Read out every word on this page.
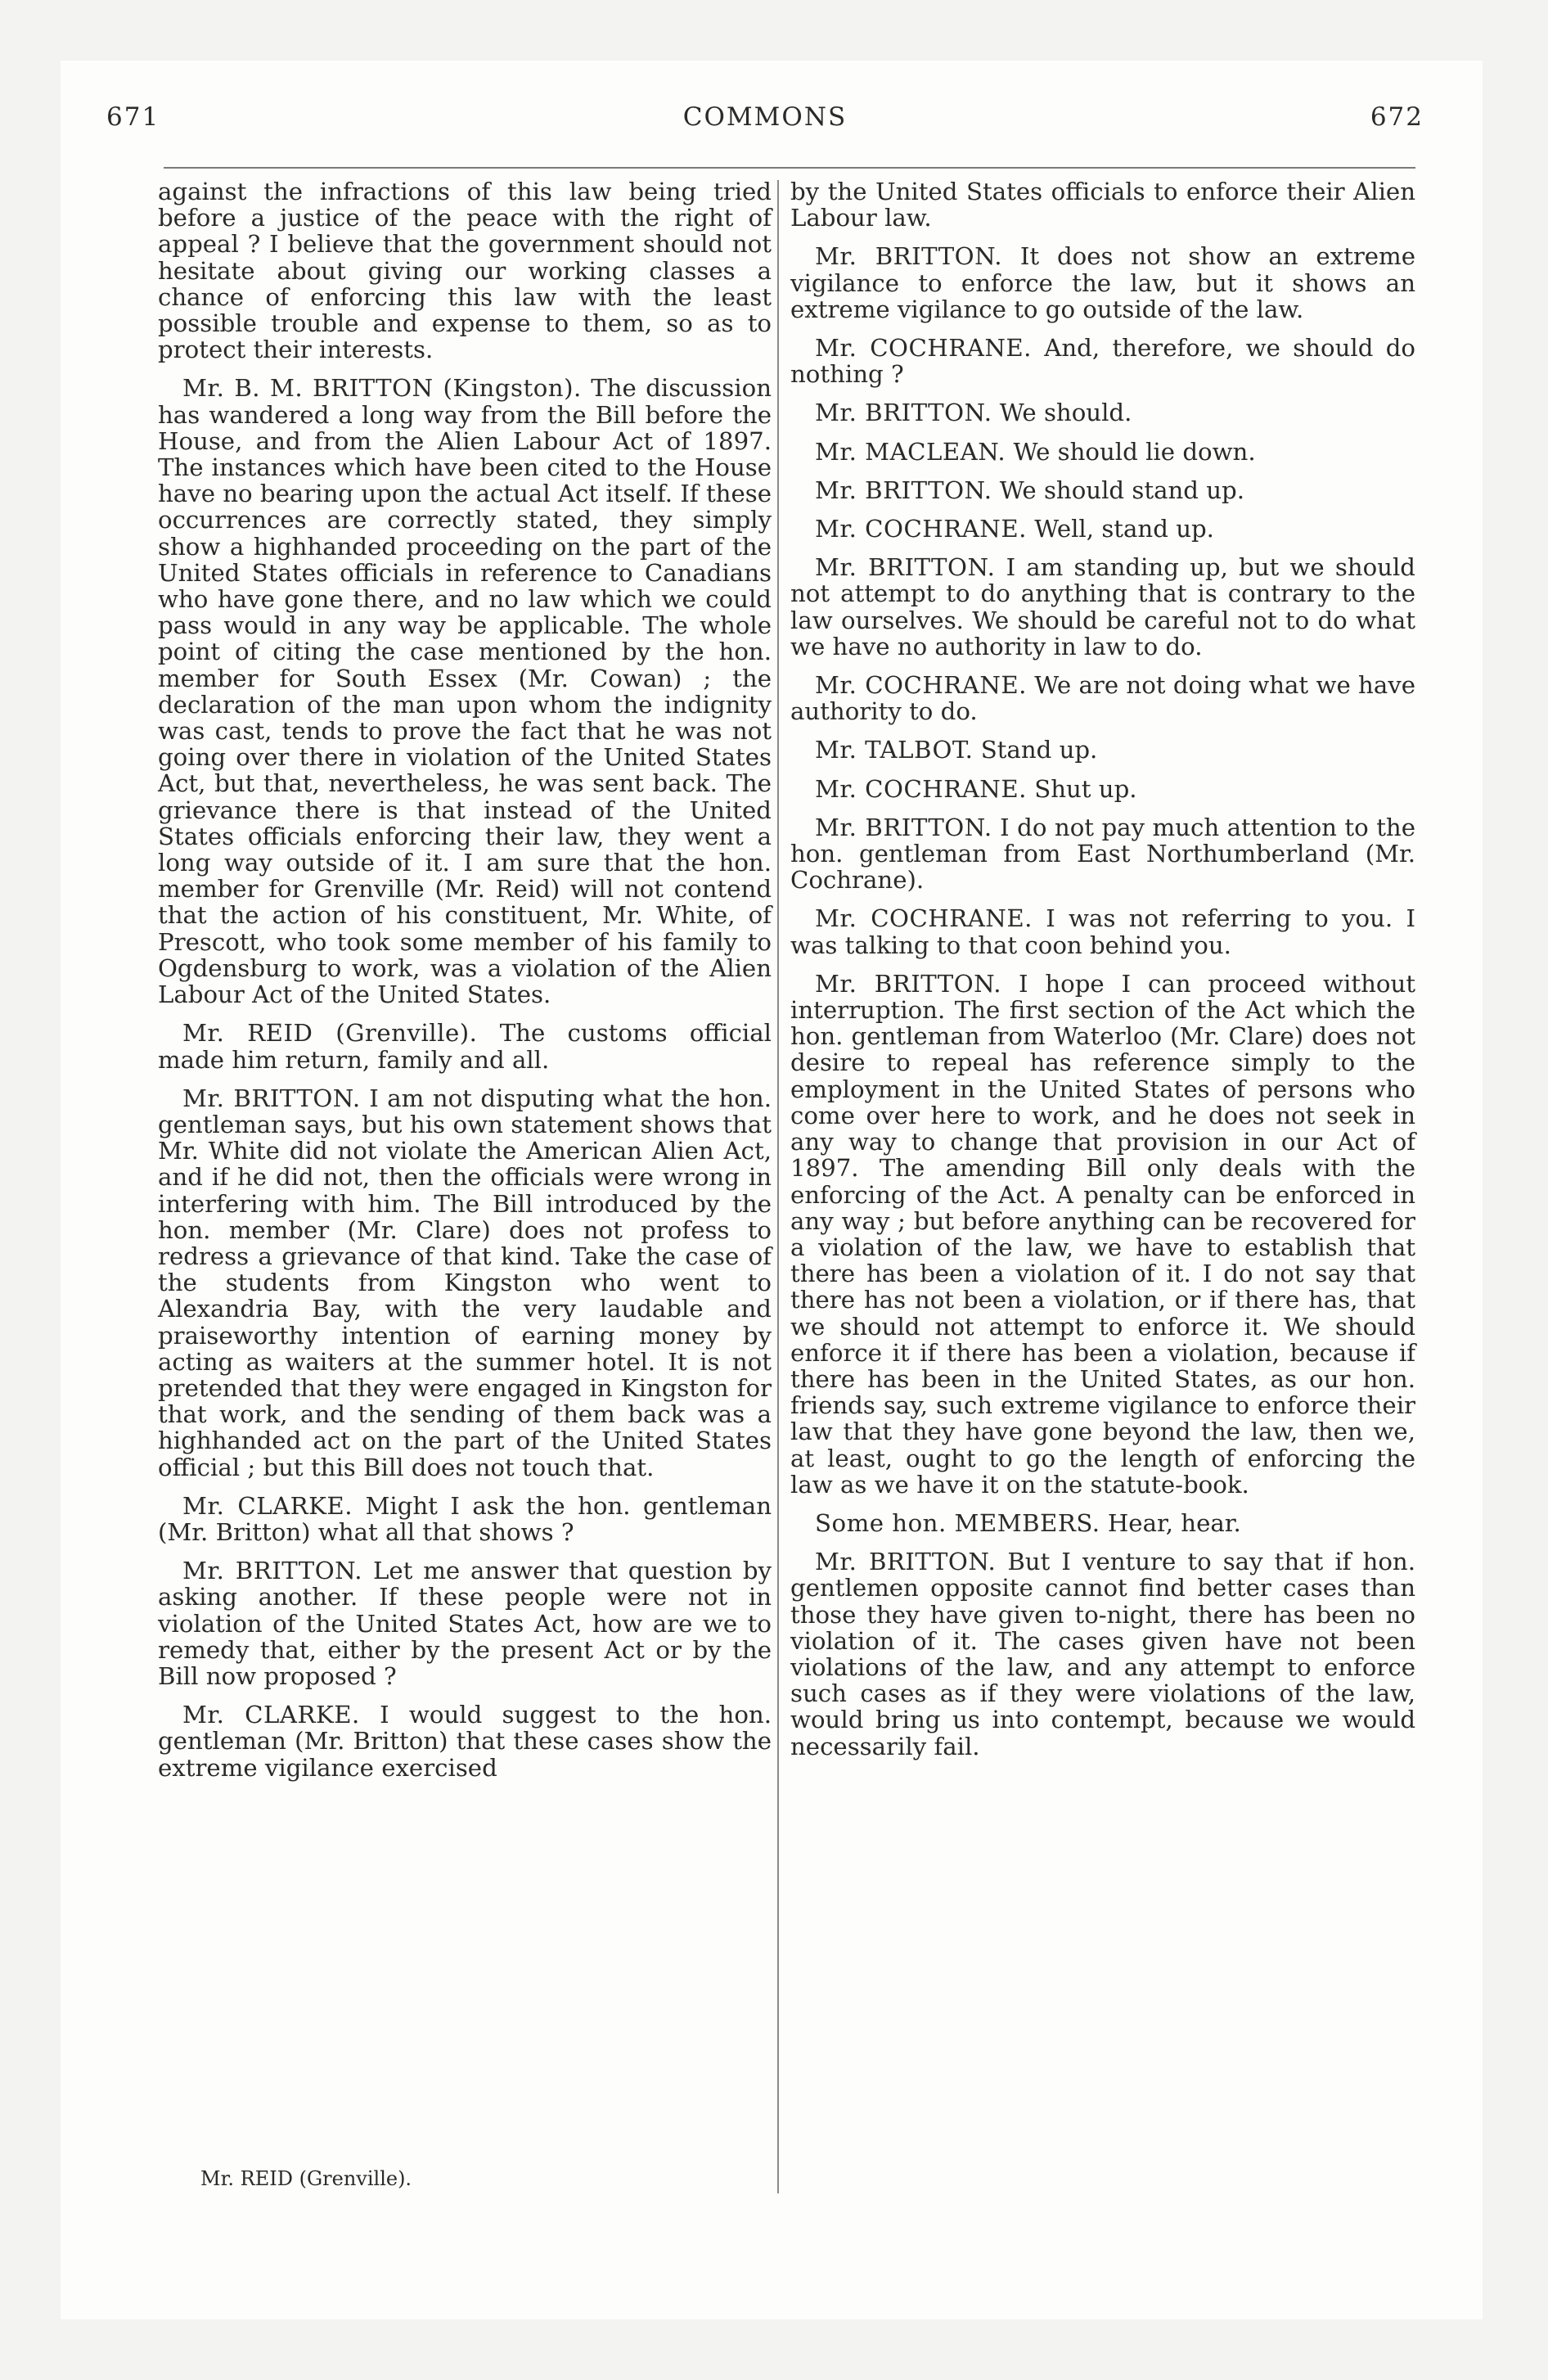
671	COMMONS	672

against the infractions of this law being tried before a justice of the peace with the right of appeal ? I believe that the government should not hesitate about giving our working classes a chance of enforcing this law with the least possible trouble and expense to them, so as to protect their interests.

Mr. B. M. BRITTON (Kingston). The discussion has wandered a long way from the Bill before the House, and from the Alien Labour Act of 1897. The instances which have been cited to the House have no bearing upon the actual Act itself. If these occurrences are correctly stated, they simply show a highhanded proceeding on the part of the United States officials in reference to Canadians who have gone there, and no law which we could pass would in any way be applicable. The whole point of citing the case mentioned by the hon. member for South Essex (Mr. Cowan) ; the declaration of the man upon whom the indignity was cast, tends to prove the fact that he was not going over there in violation of the United States Act, but that, nevertheless, he was sent back. The grievance there is that instead of the United States officials enforcing their law, they went a long way outside of it. I am sure that the hon. member for Grenville (Mr. Reid) will not contend that the action of his constituent, Mr. White, of Prescott, who took some member of his family to Ogdensburg to work, was a violation of the Alien Labour Act of the United States.

Mr. REID (Grenville). The customs official made him return, family and all.

Mr. BRITTON. I am not disputing what the hon. gentleman says, but his own statement shows that Mr. White did not violate the American Alien Act, and if he did not, then the officials were wrong in interfering with him. The Bill introduced by the hon. member (Mr. Clare) does not profess to redress a grievance of that kind. Take the case of the students from Kingston who went to Alexandria Bay, with the very laudable and praiseworthy intention of earning money by acting as waiters at the summer hotel. It is not pretended that they were engaged in Kingston for that work, and the sending of them back was a highhanded act on the part of the United States official ; but this Bill does not touch that.

Mr. CLARKE. Might I ask the hon. gentleman (Mr. Britton) what all that shows ?

Mr. BRITTON. Let me answer that question by asking another. If these people were not in violation of the United States Act, how are we to remedy that, either by the present Act or by the Bill now proposed ?

Mr. CLARKE. I would suggest to the hon. gentleman (Mr. Britton) that these cases show the extreme vigilance exercised

by the United States officials to enforce their Alien Labour law.

Mr. BRITTON. It does not show an extreme vigilance to enforce the law, but it shows an extreme vigilance to go outside of the law.

Mr. COCHRANE. And, therefore, we should do nothing ?

Mr. BRITTON. We should.

Mr. MACLEAN. We should lie down.

Mr. BRITTON. We should stand up.

Mr. COCHRANE. Well, stand up.

Mr. BRITTON. I am standing up, but we should not attempt to do anything that is contrary to the law ourselves. We should be careful not to do what we have no authority in law to do.

Mr. COCHRANE. We are not doing what we have authority to do.

Mr. TALBOT. Stand up.

Mr. COCHRANE. Shut up.

Mr. BRITTON. I do not pay much attention to the hon. gentleman from East Northumberland (Mr. Cochrane).

Mr. COCHRANE. I was not referring to you. I was talking to that coon behind you.

Mr. BRITTON. I hope I can proceed without interruption. The first section of the Act which the hon. gentleman from Waterloo (Mr. Clare) does not desire to repeal has reference simply to the employment in the United States of persons who come over here to work, and he does not seek in any way to change that provision in our Act of 1897. The amending Bill only deals with the enforcing of the Act. A penalty can be enforced in any way ; but before anything can be recovered for a violation of the law, we have to establish that there has been a violation of it. I do not say that there has not been a violation, or if there has, that we should not attempt to enforce it. We should enforce it if there has been a violation, because if there has been in the United States, as our hon. friends say, such extreme vigilance to enforce their law that they have gone beyond the law, then we, at least, ought to go the length of enforcing the law as we have it on the statute-book.

Some hon. MEMBERS. Hear, hear.

Mr. BRITTON. But I venture to say that if hon. gentlemen opposite cannot find better cases than those they have given to-night, there has been no violation of it. The cases given have not been violations of the law, and any attempt to enforce such cases as if they were violations of the law, would bring us into contempt, because we would necessarily fail.

Mr. REID (Grenville).
